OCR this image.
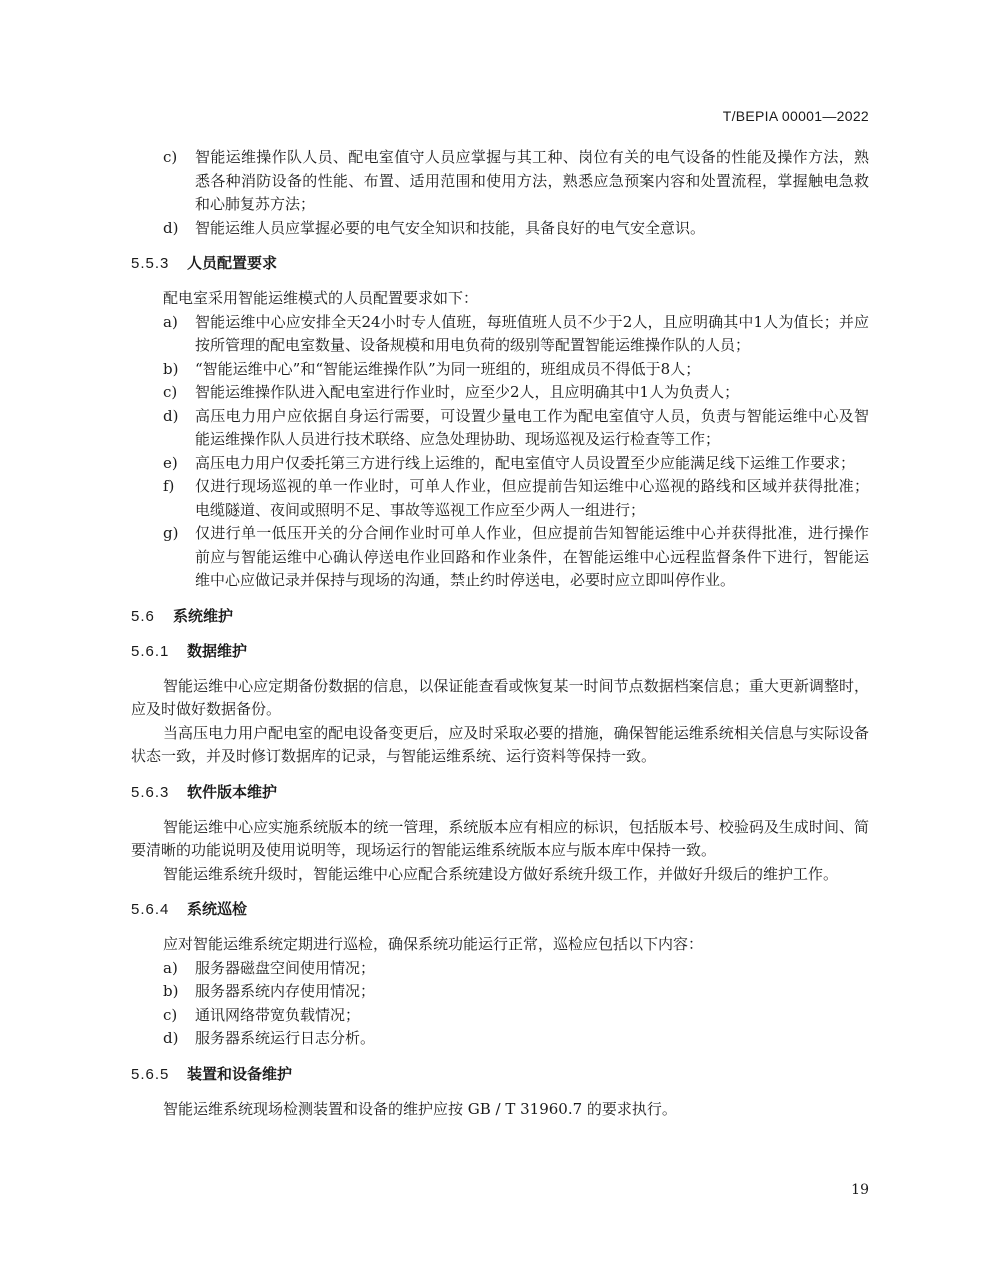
T/BEPIA 00001—2022
c)	智能运维操作队人员、配电室值守人员应掌握与其工种、岗位有关的电气设备的性能及操作方法，熟悉各种消防设备的性能、布置、适用范围和使用方法，熟悉应急预案内容和处置流程，掌握触电急救和心肺复苏方法；
d)	智能运维人员应掌握必要的电气安全知识和技能，具备良好的电气安全意识。
5.5.3	人员配置要求
配电室采用智能运维模式的人员配置要求如下：
a)	智能运维中心应安排全天24小时专人值班，每班值班人员不少于2人，且应明确其中1人为值长；并应按所管理的配电室数量、设备规模和用电负荷的级别等配置智能运维操作队的人员；
b)	“智能运维中心”和“智能运维操作队”为同一班组的，班组成员不得低于8人；
c)	智能运维操作队进入配电室进行作业时，应至少2人，且应明确其中1人为负责人；
d)	高压电力用户应依据自身运行需要，可设置少量电工作为配电室值守人员，负责与智能运维中心及智能运维操作队人员进行技术联络、应急处理协助、现场巡视及运行检查等工作；
e)	高压电力用户仅委托第三方进行线上运维的，配电室值守人员设置至少应能满足线下运维工作要求；
f)	仅进行现场巡视的单一作业时，可单人作业，但应提前告知运维中心巡视的路线和区域并获得批准；电缆隧道、夜间或照明不足、事故等巡视工作应至少两人一组进行；
g)	仅进行单一低压开关的分合闸作业时可单人作业，但应提前告知智能运维中心并获得批准，进行操作前应与智能运维中心确认停送电作业回路和作业条件，在智能运维中心远程监督条件下进行，智能运维中心应做记录并保持与现场的沟通，禁止约时停送电，必要时应立即叫停作业。
5.6	系统维护
5.6.1	数据维护
智能运维中心应定期备份数据的信息，以保证能查看或恢复某一时间节点数据档案信息；重大更新调整时，应及时做好数据备份。
当高压电力用户配电室的配电设备变更后，应及时采取必要的措施，确保智能运维系统相关信息与实际设备状态一致，并及时修订数据库的记录，与智能运维系统、运行资料等保持一致。
5.6.3	软件版本维护
智能运维中心应实施系统版本的统一管理，系统版本应有相应的标识，包括版本号、校验码及生成时间、简要清晰的功能说明及使用说明等，现场运行的智能运维系统版本应与版本库中保持一致。
智能运维系统升级时，智能运维中心应配合系统建设方做好系统升级工作，并做好升级后的维护工作。
5.6.4	系统巡检
应对智能运维系统定期进行巡检，确保系统功能运行正常，巡检应包括以下内容：
a)	服务器磁盘空间使用情况；
b)	服务器系统内存使用情况；
c)	通讯网络带宽负载情况；
d)	服务器系统运行日志分析。
5.6.5	装置和设备维护
智能运维系统现场检测装置和设备的维护应按 GB / T 31960.7 的要求执行。
19
